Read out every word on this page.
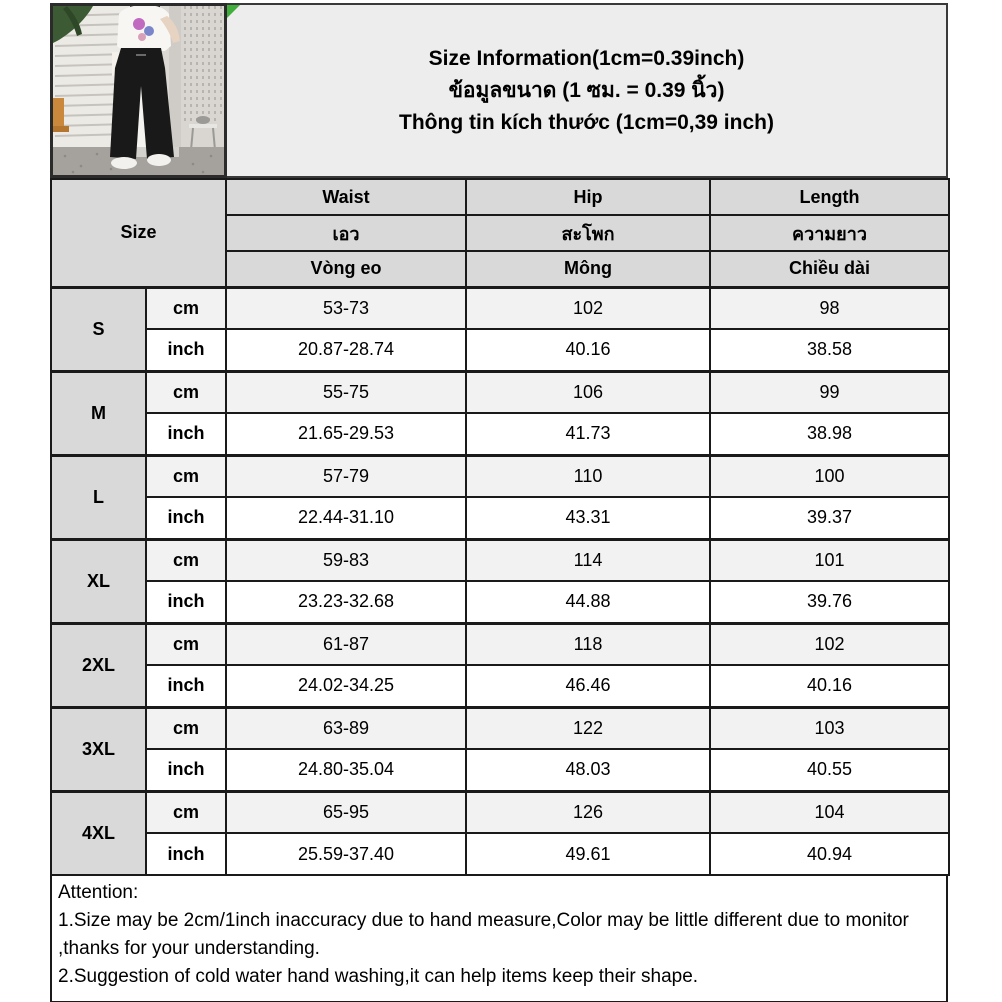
Size Information(1cm=0.39inch)
ข้อมูลขนาด (1 ซม. = 0.39 นิ้ว)
Thông tin kích thước (1cm=0,39 inch)
Size		Waist	Hip	Length
		เอว	สะโพก	ความยาว
		Vòng eo	Mông	Chiều dài
S	cm	53-73	102	98
	inch	20.87-28.74	40.16	38.58
M	cm	55-75	106	99
	inch	21.65-29.53	41.73	38.98
L	cm	57-79	110	100
	inch	22.44-31.10	43.31	39.37
XL	cm	59-83	114	101
	inch	23.23-32.68	44.88	39.76
2XL	cm	61-87	118	102
	inch	24.02-34.25	46.46	40.16
3XL	cm	63-89	122	103
	inch	24.80-35.04	48.03	40.55
4XL	cm	65-95	126	104
	inch	25.59-37.40	49.61	40.94
Attention:
1.Size may be 2cm/1inch inaccuracy due to hand measure,Color may be little different due to monitor
,thanks for your understanding.
2.Suggestion of cold water hand washing,it can help items keep their shape.
